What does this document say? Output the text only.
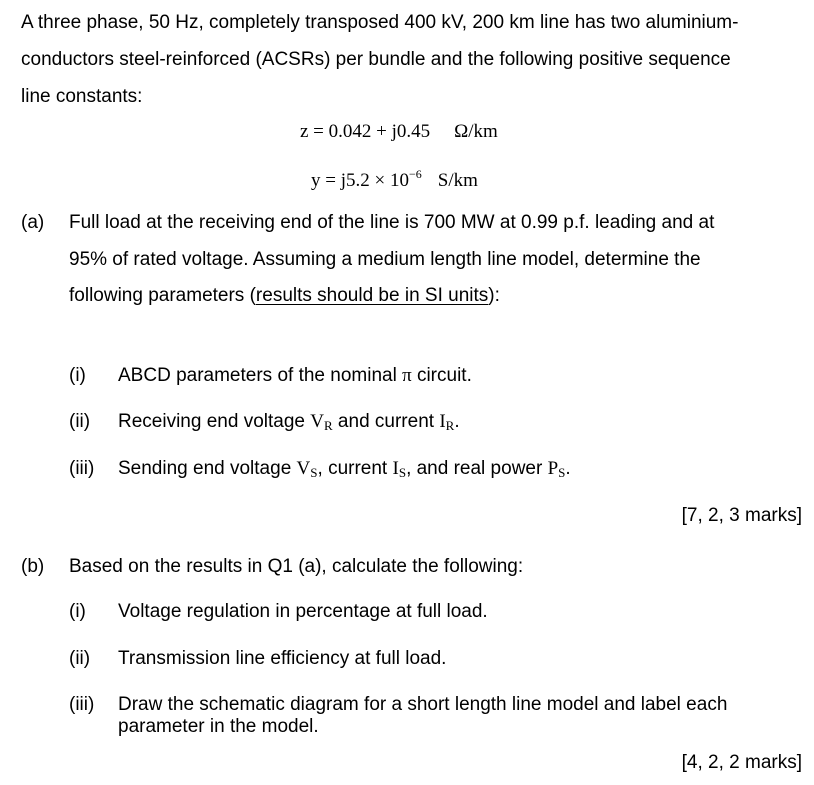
A three phase, 50 Hz, completely transposed 400 kV, 200 km line has two aluminium-
conductors steel-reinforced (ACSRs) per bundle and the following positive sequence
line constants:
z = 0.042 + j0.45 Ω/km
$y = j5.2 \times 10^{-6}$ S/km
(a) Full load at the receiving end of the line is 700 MW at 0.99 p.f. leading and at
95% of rated voltage. Assuming a medium length line model, determine the
following parameters (results should be in SI units):
(i) ABCD parameters of the nominal π circuit.
(ii) Receiving end voltage $V_R$ and current $I_R$.
(iii) Sending end voltage $V_S$, current $I_S$, and real power $P_S$.
[7, 2, 3 marks]
(b) Based on the results in Q1 (a), calculate the following:
(i) Voltage regulation in percentage at full load.
(ii) Transmission line efficiency at full load.
(iii) Draw the schematic diagram for a short length line model and label each
parameter in the model.
[4, 2, 2 marks]
